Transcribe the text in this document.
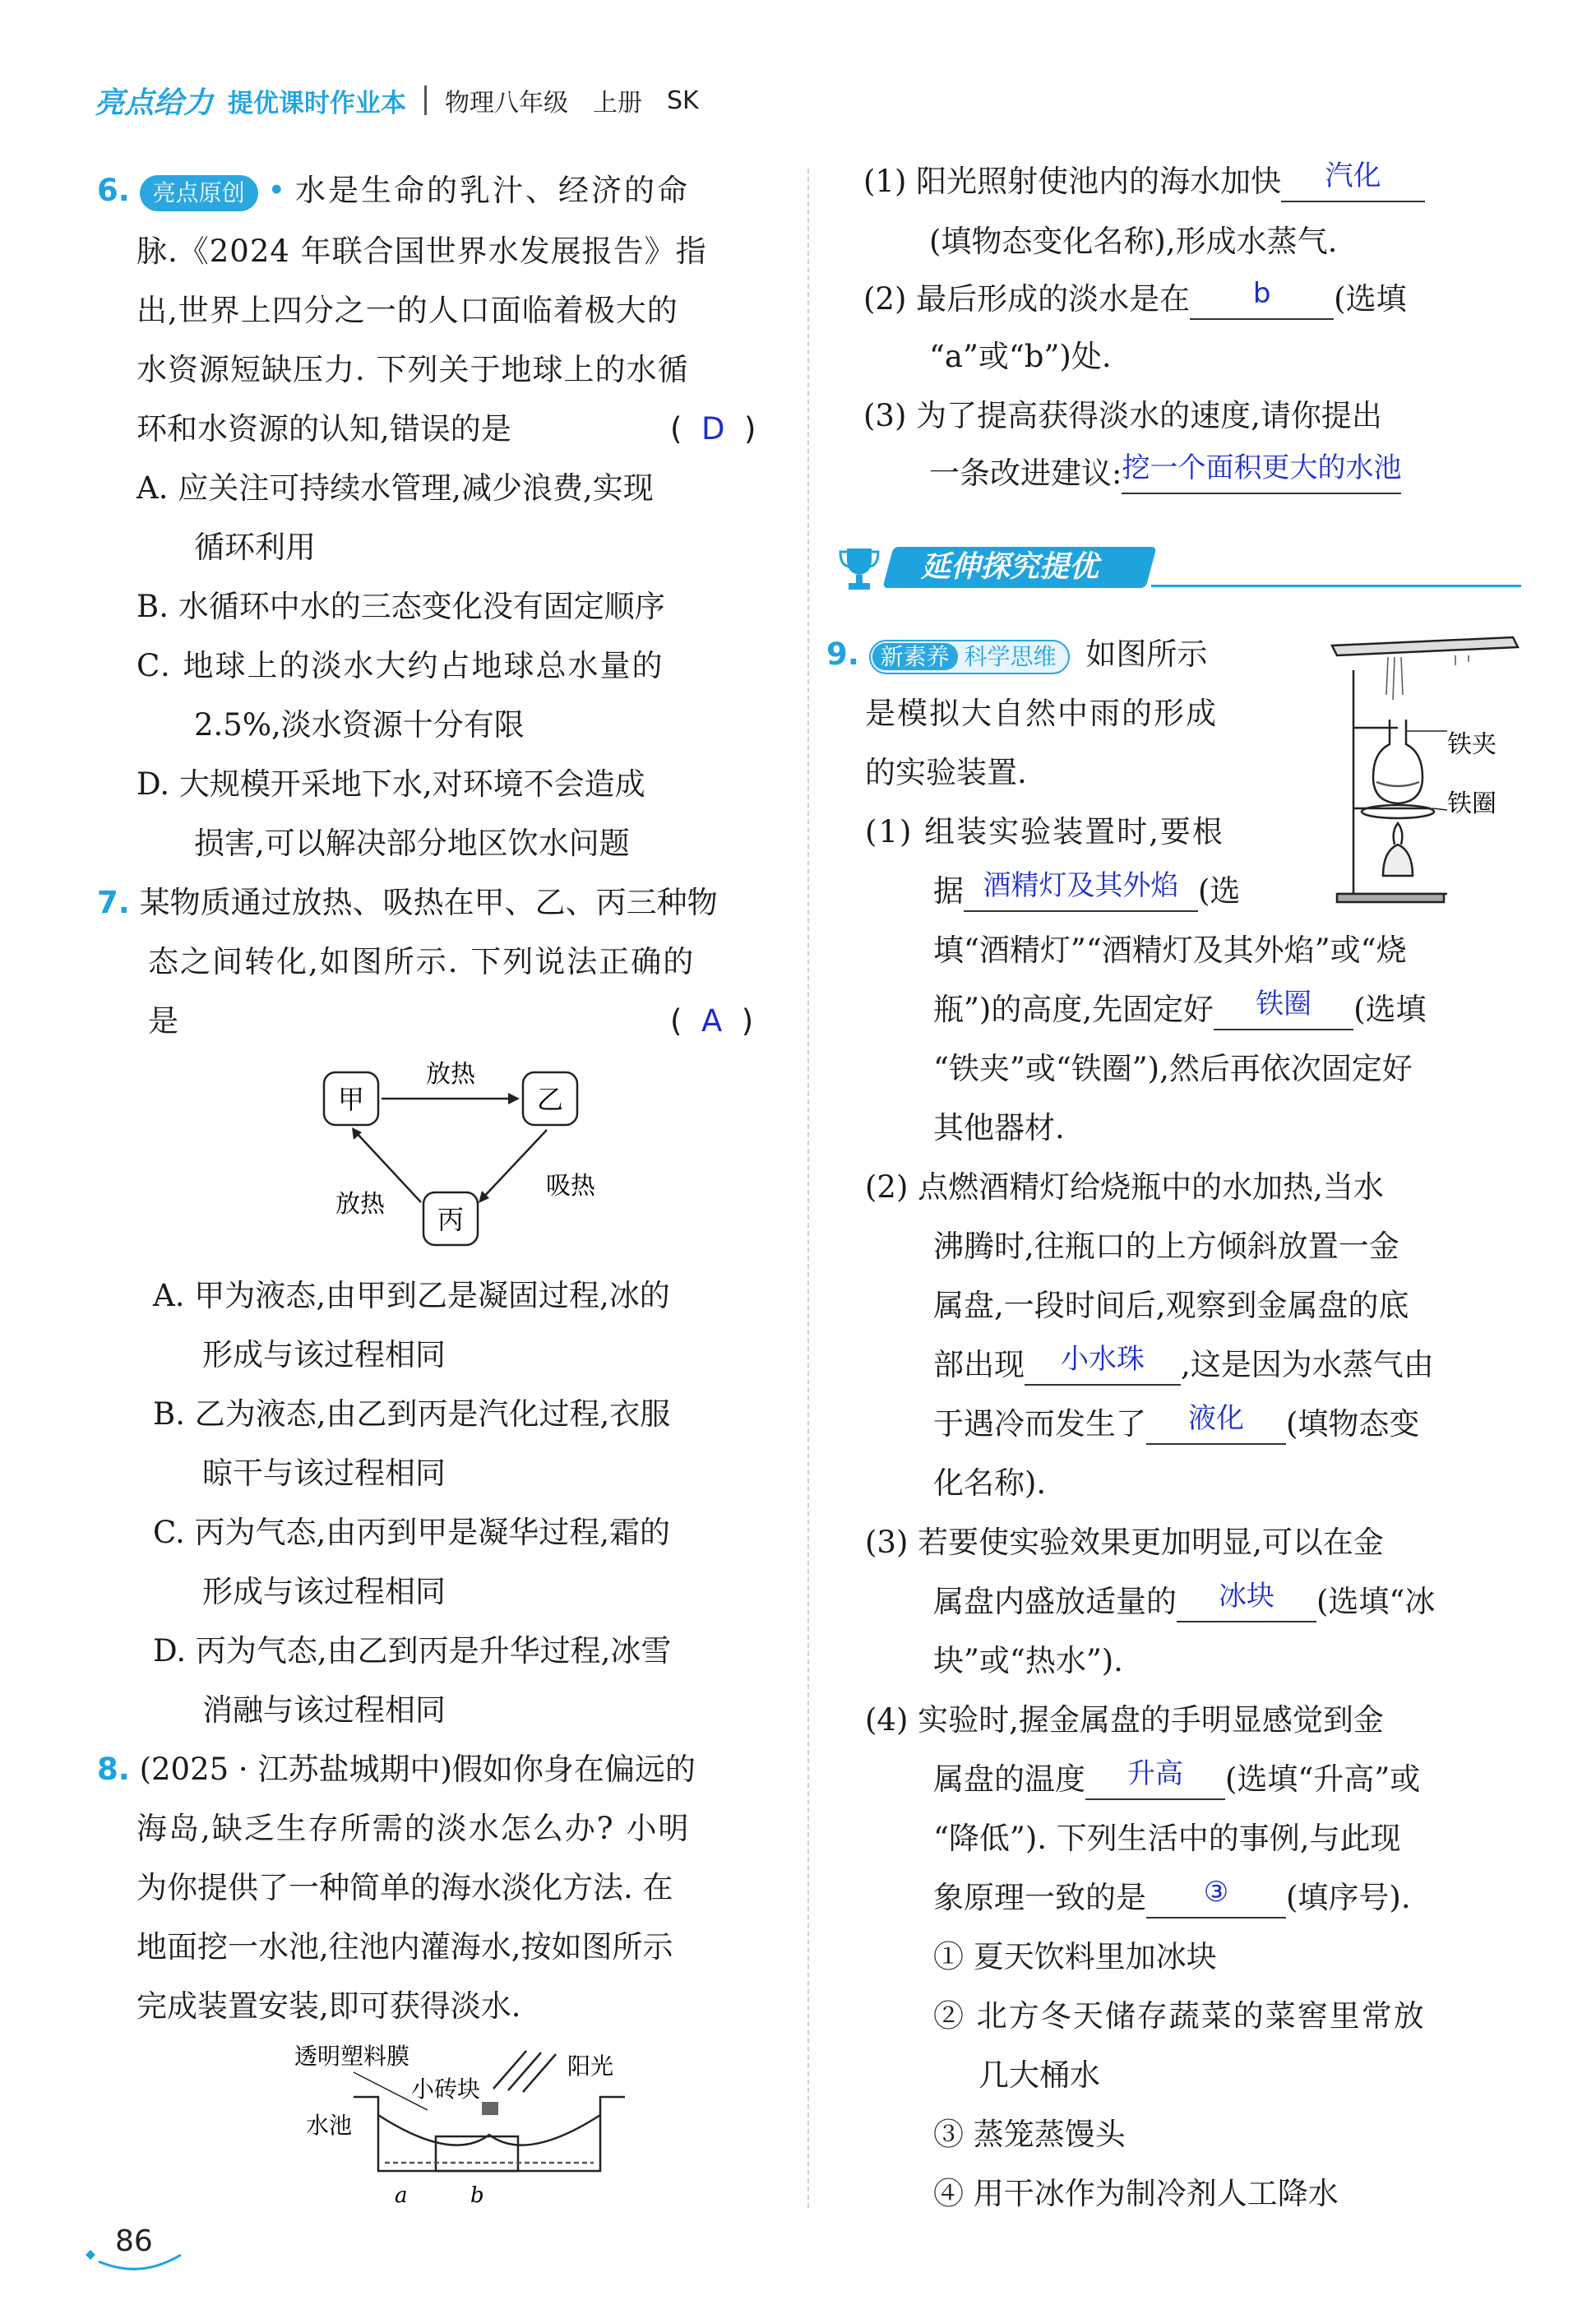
亮点给力 提优课时作业本 物理八年级 上册 SK
6. 亮点原创 • 水是生命的乳汁、经济的命
脉.《2024 年联合国世界水发展报告》指
出,世界上四分之一的人口面临着极大的
水资源短缺压力. 下列关于地球上的水循
环和水资源的认知,错误的是	(  D  )
A. 应关注可持续水管理,减少浪费,实现
循环利用
B. 水循环中水的三态变化没有固定顺序
C. 地球上的淡水大约占地球总水量的
2.5%,淡水资源十分有限
D. 大规模开采地下水,对环境不会造成
损害,可以解决部分地区饮水问题
7. 某物质通过放热、吸热在甲、乙、丙三种物
态之间转化,如图所示. 下列说法正确的
是	(  A  )
甲	乙
丙
放热
放热
吸热
A. 甲为液态,由甲到乙是凝固过程,冰的
形成与该过程相同
B. 乙为液态,由乙到丙是汽化过程,衣服
晾干与该过程相同
C. 丙为气态,由丙到甲是凝华过程,霜的
形成与该过程相同
D. 丙为气态,由乙到丙是升华过程,冰雪
消融与该过程相同
8. (2025 · 江苏盐城期中)假如你身在偏远的
海岛,缺乏生存所需的淡水怎么办? 小明
为你提供了一种简单的海水淡化方法. 在
地面挖一水池,往池内灌海水,按如图所示
完成装置安装,即可获得淡水.
透明塑料膜
小砖块
阳光
水池
a	b
(1) 阳光照射使池内的海水加快 汽化
(填物态变化名称),形成水蒸气.
(2) 最后形成的淡水是在 b (选填
“a”或“b”)处.
(3) 为了提高获得淡水的速度,请你提出
一条改进建议:挖一个面积更大的水池
延伸探究提优
9. 新素养 科学思维 如图所示
是模拟大自然中雨的形成
的实验装置.
铁夹
铁圈
(1) 组装实验装置时,要根
据 酒精灯及其外焰 (选
填“酒精灯”“酒精灯及其外焰”或“烧
瓶”)的高度,先固定好 铁圈 (选填
“铁夹”或“铁圈”),然后再依次固定好
其他器材.
(2) 点燃酒精灯给烧瓶中的水加热,当水
沸腾时,往瓶口的上方倾斜放置一金
属盘,一段时间后,观察到金属盘的底
部出现 小水珠 ,这是因为水蒸气由
于遇冷而发生了 液化 (填物态变
化名称).
(3) 若要使实验效果更加明显,可以在金
属盘内盛放适量的 冰块 (选填“冰
块”或“热水”).
(4) 实验时,握金属盘的手明显感觉到金
属盘的温度 升高 (选填“升高”或
“降低”). 下列生活中的事例,与此现
象原理一致的是 ③ (填序号).
① 夏天饮料里加冰块
② 北方冬天储存蔬菜的菜窖里常放
几大桶水
③ 蒸笼蒸馒头
④ 用干冰作为制冷剂人工降水
86
